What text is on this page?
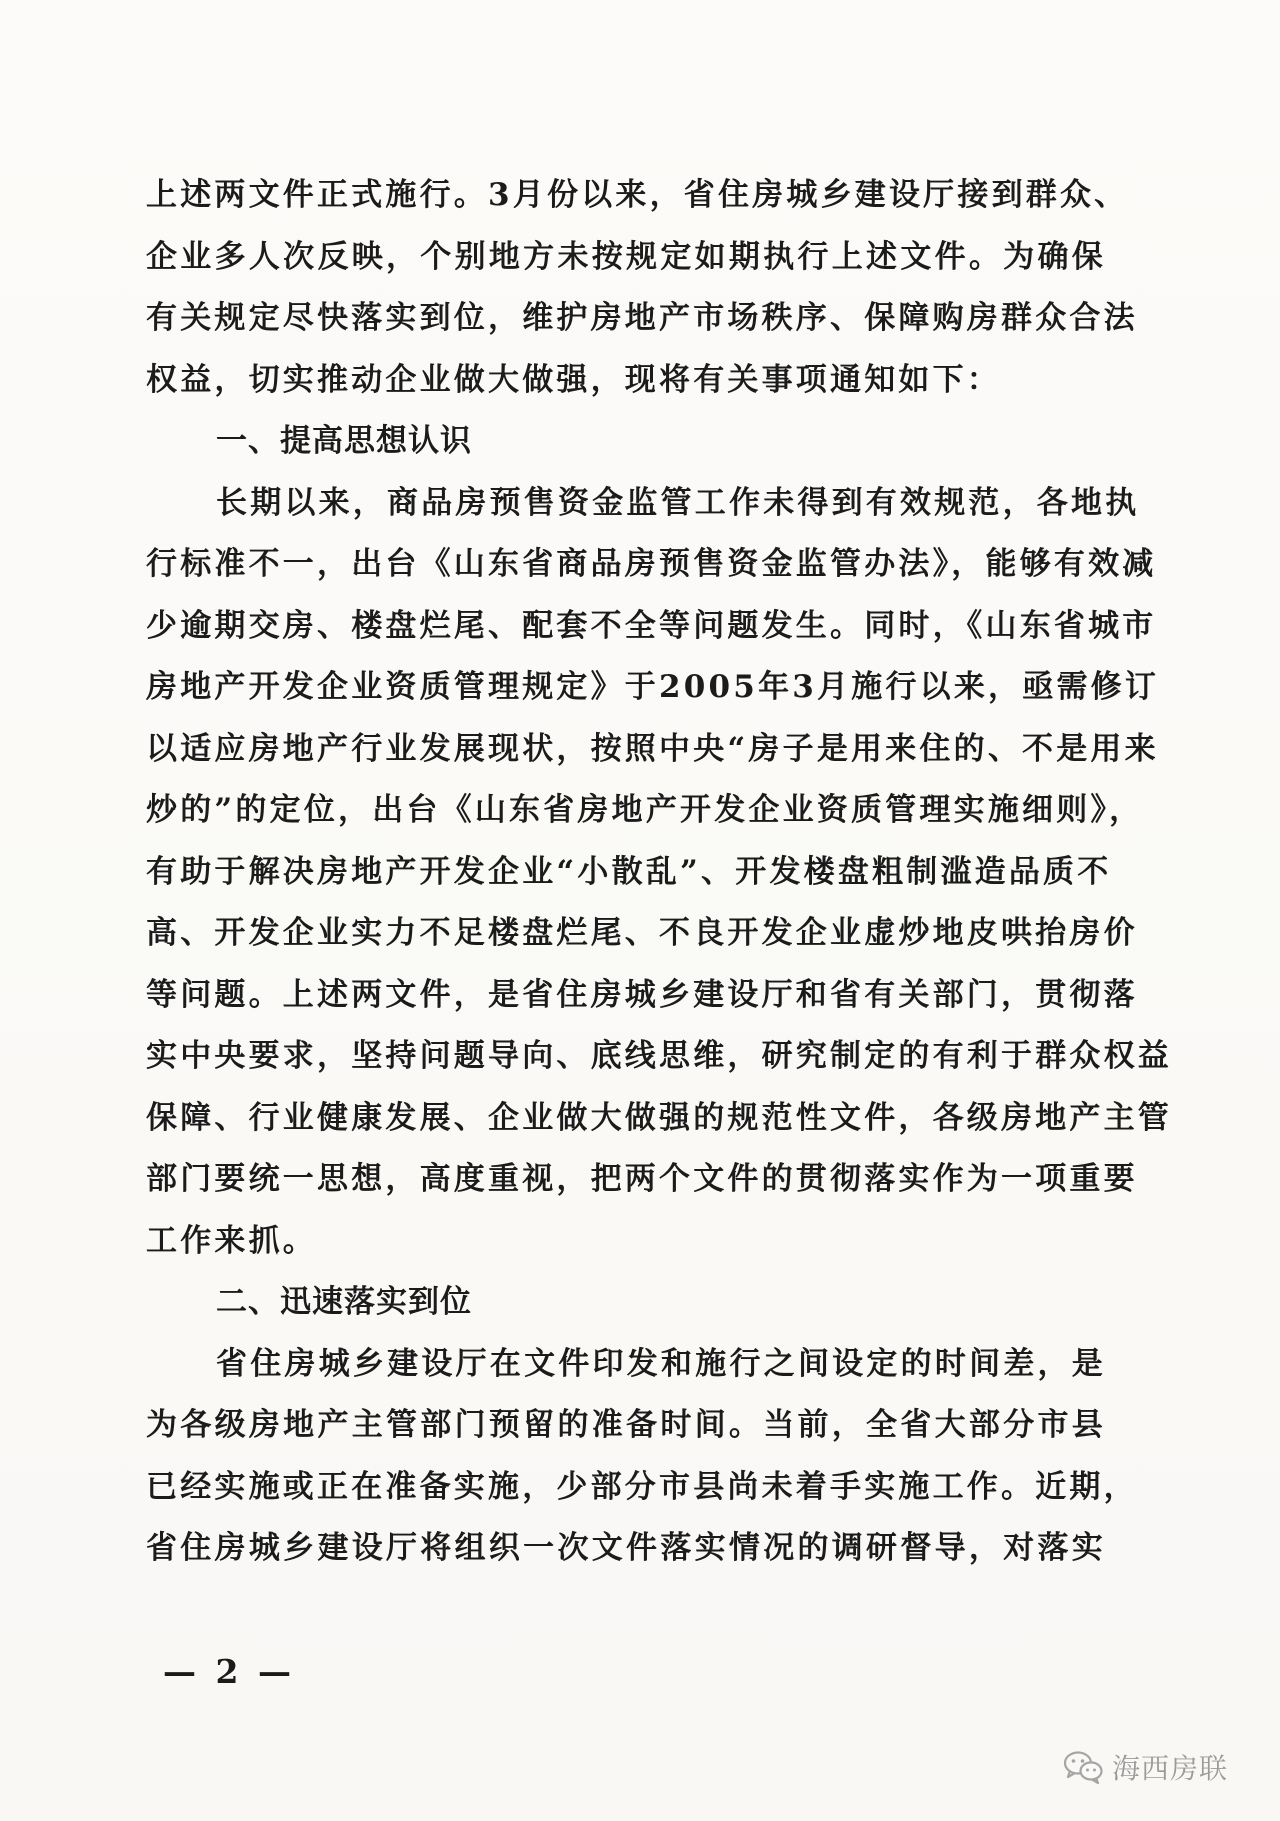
上述两文件正式施行。3月份以来，省住房城乡建设厅接到群众、
企业多人次反映，个别地方未按规定如期执行上述文件。为确保
有关规定尽快落实到位，维护房地产市场秩序、保障购房群众合法
权益，切实推动企业做大做强，现将有关事项通知如下：
一、提高思想认识
长期以来，商品房预售资金监管工作未得到有效规范，各地执
行标准不一，出台《山东省商品房预售资金监管办法》，能够有效减
少逾期交房、楼盘烂尾、配套不全等问题发生。同时，《山东省城市
房地产开发企业资质管理规定》于2005年3月施行以来，亟需修订
以适应房地产行业发展现状，按照中央“房子是用来住的、不是用来
炒的”的定位，出台《山东省房地产开发企业资质管理实施细则》，
有助于解决房地产开发企业“小散乱”、开发楼盘粗制滥造品质不
高、开发企业实力不足楼盘烂尾、不良开发企业虚炒地皮哄抬房价
等问题。上述两文件，是省住房城乡建设厅和省有关部门，贯彻落
实中央要求，坚持问题导向、底线思维，研究制定的有利于群众权益
保障、行业健康发展、企业做大做强的规范性文件，各级房地产主管
部门要统一思想，高度重视，把两个文件的贯彻落实作为一项重要
工作来抓。
二、迅速落实到位
省住房城乡建设厅在文件印发和施行之间设定的时间差，是
为各级房地产主管部门预留的准备时间。当前，全省大部分市县
已经实施或正在准备实施，少部分市县尚未着手实施工作。近期，
省住房城乡建设厅将组织一次文件落实情况的调研督导，对落实
— 2 —
海西房联
